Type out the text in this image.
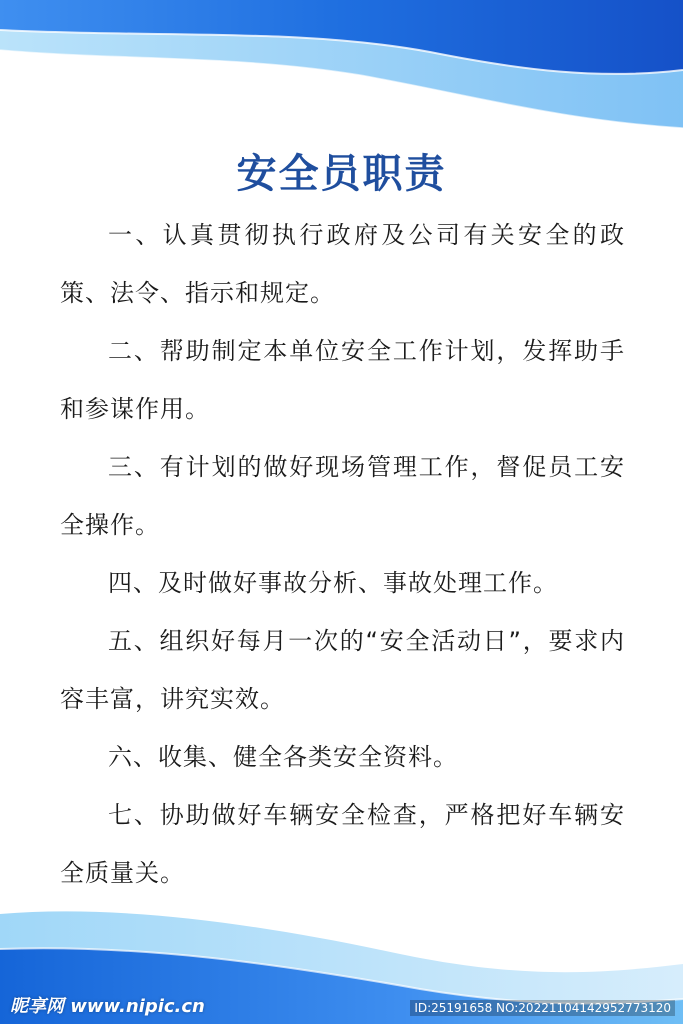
安全员职责

一、认真贯彻执行政府及公司有关安全的政策、法令、指示和规定。

二、帮助制定本单位安全工作计划，发挥助手和参谋作用。

三、有计划的做好现场管理工作，督促员工安全操作。

四、及时做好事故分析、事故处理工作。

五、组织好每月一次的“安全活动日”，要求内容丰富，讲究实效。

六、收集、健全各类安全资料。

七、协助做好车辆安全检查，严格把好车辆安全质量关。

昵享网 www.nipic.cn	ID:25191658 NO:20221104142952773120
